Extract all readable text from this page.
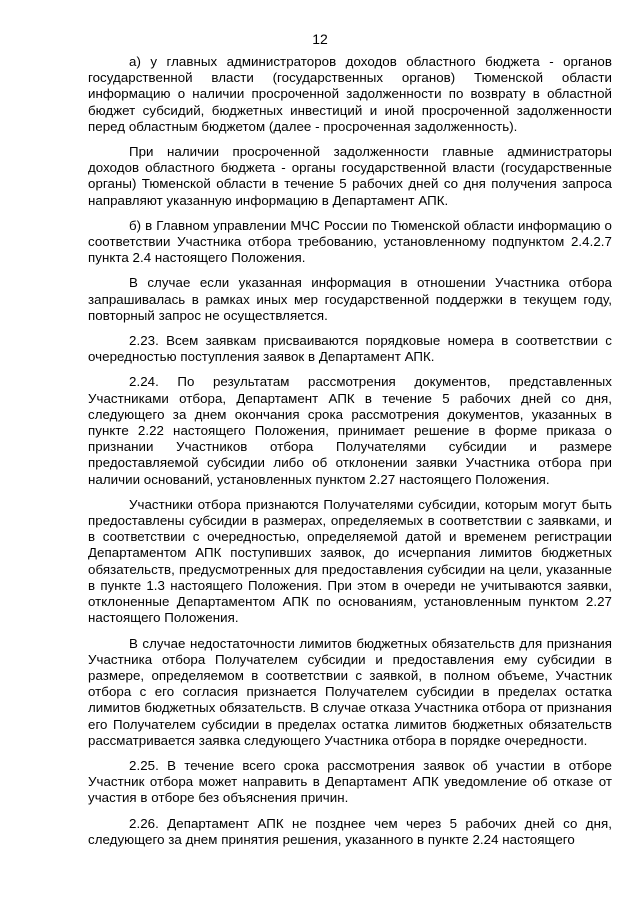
12

а) у главных администраторов доходов областного бюджета - органов государственной власти (государственных органов) Тюменской области информацию о наличии просроченной задолженности по возврату в областной бюджет субсидий, бюджетных инвестиций и иной просроченной задолженности перед областным бюджетом (далее - просроченная задолженность).

При наличии просроченной задолженности главные администраторы доходов областного бюджета - органы государственной власти (государственные органы) Тюменской области в течение 5 рабочих дней со дня получения запроса направляют указанную информацию в Департамент АПК.

б) в Главном управлении МЧС России по Тюменской области информацию о соответствии Участника отбора требованию, установленному подпунктом 2.4.2.7 пункта 2.4 настоящего Положения.

В случае если указанная информация в отношении Участника отбора запрашивалась в рамках иных мер государственной поддержки в текущем году, повторный запрос не осуществляется.

2.23. Всем заявкам присваиваются порядковые номера в соответствии с очередностью поступления заявок в Департамент АПК.

2.24. По результатам рассмотрения документов, представленных Участниками отбора, Департамент АПК в течение 5 рабочих дней со дня, следующего за днем окончания срока рассмотрения документов, указанных в пункте 2.22 настоящего Положения, принимает решение в форме приказа о признании Участников отбора Получателями субсидии и размере предоставляемой субсидии либо об отклонении заявки Участника отбора при наличии оснований, установленных пунктом 2.27 настоящего Положения.

Участники отбора признаются Получателями субсидии, которым могут быть предоставлены субсидии в размерах, определяемых в соответствии с заявками, и в соответствии с очередностью, определяемой датой и временем регистрации Департаментом АПК поступивших заявок, до исчерпания лимитов бюджетных обязательств, предусмотренных для предоставления субсидии на цели, указанные в пункте 1.3 настоящего Положения. При этом в очереди не учитываются заявки, отклоненные Департаментом АПК по основаниям, установленным пунктом 2.27 настоящего Положения.

В случае недостаточности лимитов бюджетных обязательств для признания Участника отбора Получателем субсидии и предоставления ему субсидии в размере, определяемом в соответствии с заявкой, в полном объеме, Участник отбора с его согласия признается Получателем субсидии в пределах остатка лимитов бюджетных обязательств. В случае отказа Участника отбора от признания его Получателем субсидии в пределах остатка лимитов бюджетных обязательств рассматривается заявка следующего Участника отбора в порядке очередности.

2.25. В течение всего срока рассмотрения заявок об участии в отборе Участник отбора может направить в Департамент АПК уведомление об отказе от участия в отборе без объяснения причин.

2.26. Департамент АПК не позднее чем через 5 рабочих дней со дня, следующего за днем принятия решения, указанного в пункте 2.24 настоящего
